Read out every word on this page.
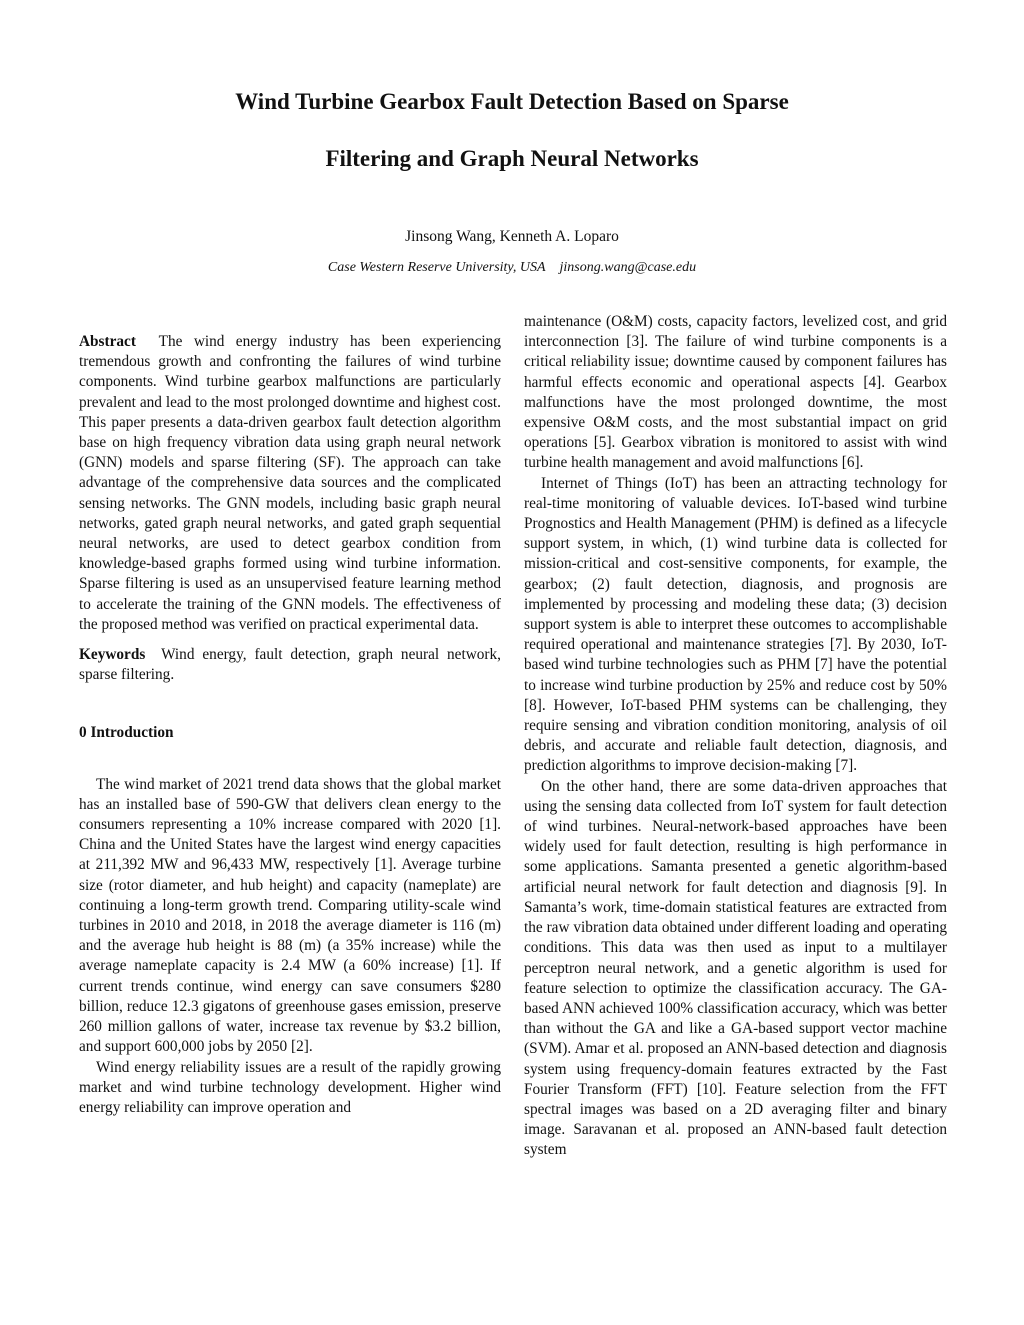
Wind Turbine Gearbox Fault Detection Based on Sparse
Filtering and Graph Neural Networks
Jinsong Wang, Kenneth A. Loparo
Case Western Reserve University, USA jinsong.wang@case.edu

Abstract The wind energy industry has been experiencing tremendous growth and confronting the failures of wind turbine components. Wind turbine gearbox malfunctions are particularly prevalent and lead to the most prolonged downtime and highest cost. This paper presents a data-driven gearbox fault detection algorithm base on high frequency vibration data using graph neural network (GNN) models and sparse filtering (SF). The approach can take advantage of the comprehensive data sources and the complicated sensing networks. The GNN models, including basic graph neural networks, gated graph neural networks, and gated graph sequential neural networks, are used to detect gearbox condition from knowledge-based graphs formed using wind turbine information. Sparse filtering is used as an unsupervised feature learning method to accelerate the training of the GNN models. The effectiveness of the proposed method was verified on practical experimental data.

Keywords Wind energy, fault detection, graph neural network, sparse filtering.

0 Introduction

The wind market of 2021 trend data shows that the global market has an installed base of 590-GW that delivers clean energy to the consumers representing a 10% increase compared with 2020 [1]. China and the United States have the largest wind energy capacities at 211,392 MW and 96,433 MW, respectively [1]. Average turbine size (rotor diameter, and hub height) and capacity (nameplate) are continuing a long-term growth trend. Comparing utility-scale wind turbines in 2010 and 2018, in 2018 the average diameter is 116 (m) and the average hub height is 88 (m) (a 35% increase) while the average nameplate capacity is 2.4 MW (a 60% increase) [1]. If current trends continue, wind energy can save consumers $280 billion, reduce 12.3 gigatons of greenhouse gases emission, preserve 260 million gallons of water, increase tax revenue by $3.2 billion, and support 600,000 jobs by 2050 [2].

Wind energy reliability issues are a result of the rapidly growing market and wind turbine technology development. Higher wind energy reliability can improve operation and

maintenance (O&M) costs, capacity factors, levelized cost, and grid interconnection [3]. The failure of wind turbine components is a critical reliability issue; downtime caused by component failures has harmful effects economic and operational aspects [4]. Gearbox malfunctions have the most prolonged downtime, the most expensive O&M costs, and the most substantial impact on grid operations [5]. Gearbox vibration is monitored to assist with wind turbine health management and avoid malfunctions [6].

Internet of Things (IoT) has been an attracting technology for real-time monitoring of valuable devices. IoT-based wind turbine Prognostics and Health Management (PHM) is defined as a lifecycle support system, in which, (1) wind turbine data is collected for mission-critical and cost-sensitive components, for example, the gearbox; (2) fault detection, diagnosis, and prognosis are implemented by processing and modeling these data; (3) decision support system is able to interpret these outcomes to accomplishable required operational and maintenance strategies [7]. By 2030, IoT-based wind turbine technologies such as PHM [7] have the potential to increase wind turbine production by 25% and reduce cost by 50% [8]. However, IoT-based PHM systems can be challenging, they require sensing and vibration condition monitoring, analysis of oil debris, and accurate and reliable fault detection, diagnosis, and prediction algorithms to improve decision-making [7].

On the other hand, there are some data-driven approaches that using the sensing data collected from IoT system for fault detection of wind turbines. Neural-network-based approaches have been widely used for fault detection, resulting is high performance in some applications. Samanta presented a genetic algorithm-based artificial neural network for fault detection and diagnosis [9]. In Samanta’s work, time-domain statistical features are extracted from the raw vibration data obtained under different loading and operating conditions. This data was then used as input to a multilayer perceptron neural network, and a genetic algorithm is used for feature selection to optimize the classification accuracy. The GA-based ANN achieved 100% classification accuracy, which was better than without the GA and like a GA-based support vector machine (SVM). Amar et al. proposed an ANN-based detection and diagnosis system using frequency-domain features extracted by the Fast Fourier Transform (FFT) [10]. Feature selection from the FFT spectral images was based on a 2D averaging filter and binary image. Saravanan et al. proposed an ANN-based fault detection system
